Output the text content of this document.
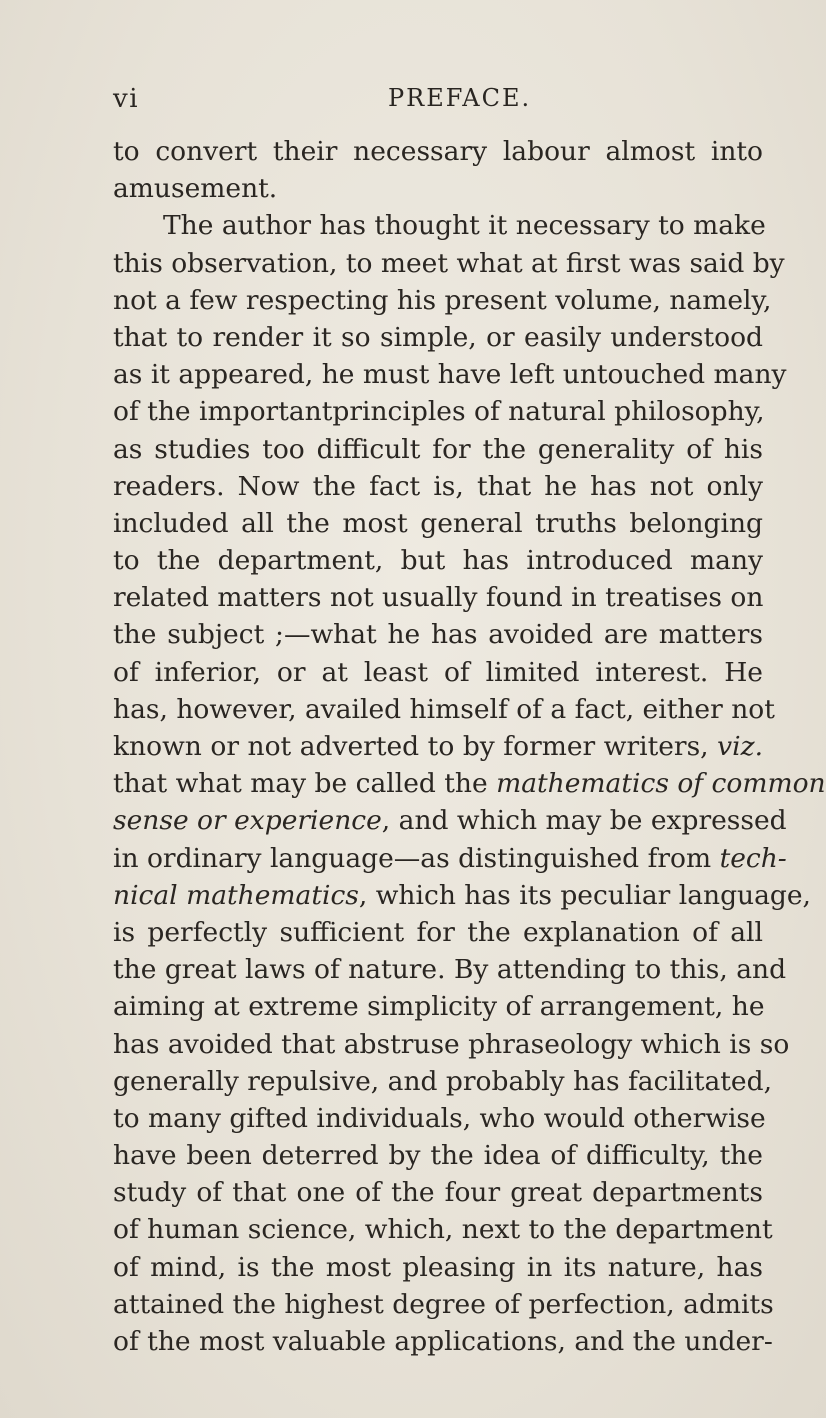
vi	PREFACE.
to convert their necessary labour almost into
amusement.
The author has thought it necessary to make
this observation, to meet what at first was said by
not a few respecting his present volume, namely,
that to render it so simple, or easily understood
as it appeared, he must have left untouched many
of the importantprinciples of natural philosophy,
as studies too difficult for the generality of his
readers. Now the fact is, that he has not only
included all the most general truths belonging
to the department, but has introduced many
related matters not usually found in treatises on
the subject ;—what he has avoided are matters
of inferior, or at least of limited interest. He
has, however, availed himself of a fact, either not
known or not adverted to by former writers, viz.
that what may be called the mathematics of common
sense or experience, and which may be expressed
in ordinary language—as distinguished from tech-
nical mathematics, which has its peculiar language,
is perfectly sufficient for the explanation of all
the great laws of nature. By attending to this, and
aiming at extreme simplicity of arrangement, he
has avoided that abstruse phraseology which is so
generally repulsive, and probably has facilitated,
to many gifted individuals, who would otherwise
have been deterred by the idea of difficulty, the
study of that one of the four great departments
of human science, which, next to the department
of mind, is the most pleasing in its nature, has
attained the highest degree of perfection, admits
of the most valuable applications, and the under-
